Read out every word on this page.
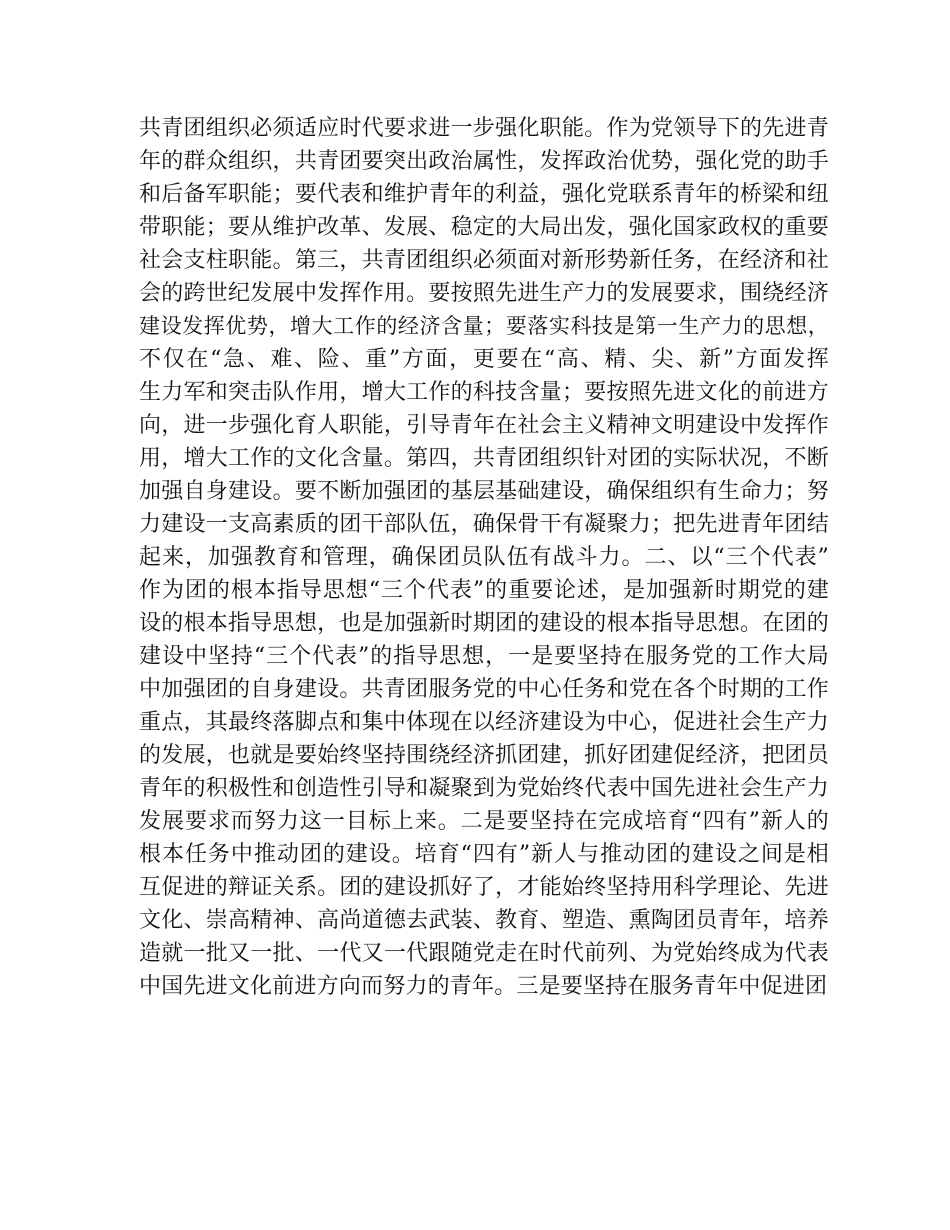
共青团组织必须适应时代要求进一步强化职能。作为党领导下的先进青
年的群众组织，共青团要突出政治属性，发挥政治优势，强化党的助手
和后备军职能；要代表和维护青年的利益，强化党联系青年的桥梁和纽
带职能；要从维护改革、发展、稳定的大局出发，强化国家政权的重要
社会支柱职能。第三，共青团组织必须面对新形势新任务，在经济和社
会的跨世纪发展中发挥作用。要按照先进生产力的发展要求，围绕经济
建设发挥优势，增大工作的经济含量；要落实科技是第一生产力的思想，
不仅在“急、难、险、重”方面，更要在“高、精、尖、新”方面发挥
生力军和突击队作用，增大工作的科技含量；要按照先进文化的前进方
向，进一步强化育人职能，引导青年在社会主义精神文明建设中发挥作
用，增大工作的文化含量。第四，共青团组织针对团的实际状况，不断
加强自身建设。要不断加强团的基层基础建设，确保组织有生命力；努
力建设一支高素质的团干部队伍，确保骨干有凝聚力；把先进青年团结
起来，加强教育和管理，确保团员队伍有战斗力。二、以“三个代表”
作为团的根本指导思想“三个代表”的重要论述，是加强新时期党的建
设的根本指导思想，也是加强新时期团的建设的根本指导思想。在团的
建设中坚持“三个代表”的指导思想，一是要坚持在服务党的工作大局
中加强团的自身建设。共青团服务党的中心任务和党在各个时期的工作
重点，其最终落脚点和集中体现在以经济建设为中心，促进社会生产力
的发展，也就是要始终坚持围绕经济抓团建，抓好团建促经济，把团员
青年的积极性和创造性引导和凝聚到为党始终代表中国先进社会生产力
发展要求而努力这一目标上来。二是要坚持在完成培育“四有”新人的
根本任务中推动团的建设。培育“四有”新人与推动团的建设之间是相
互促进的辩证关系。团的建设抓好了，才能始终坚持用科学理论、先进
文化、崇高精神、高尚道德去武装、教育、塑造、熏陶团员青年，培养
造就一批又一批、一代又一代跟随党走在时代前列、为党始终成为代表
中国先进文化前进方向而努力的青年。三是要坚持在服务青年中促进团
